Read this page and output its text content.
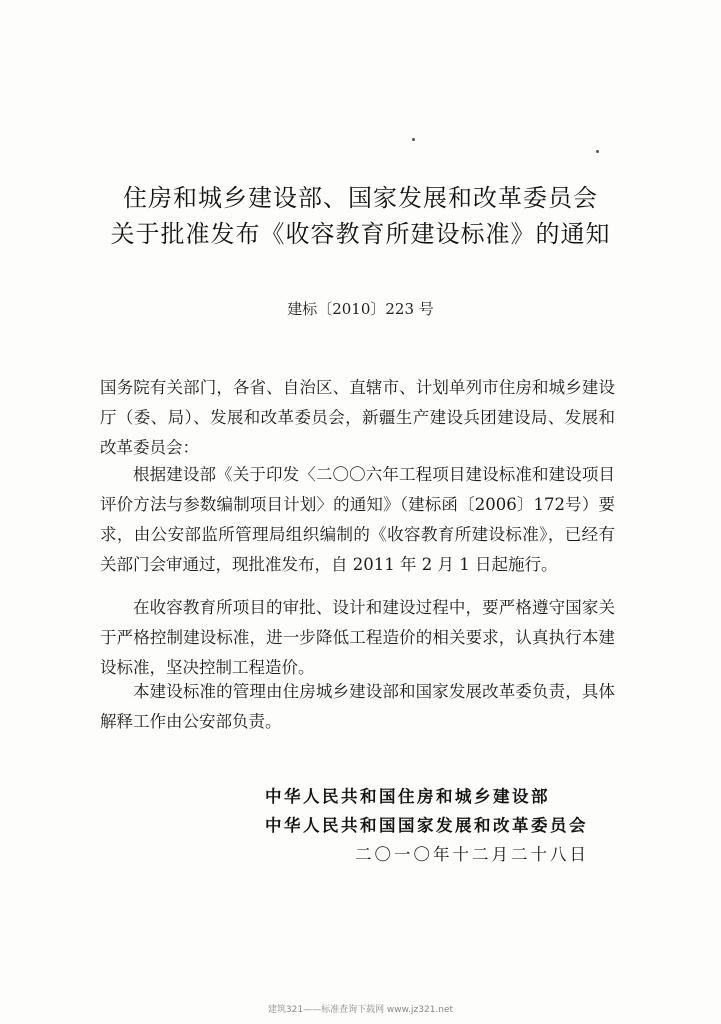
住房和城乡建设部、国家发展和改革委员会
关于批准发布《收容教育所建设标准》的通知
建标〔2010〕223 号

国务院有关部门，各省、自治区、直辖市、计划单列市住房和城乡建设厅（委、局）、发展和改革委员会，新疆生产建设兵团建设局、发展和改革委员会：

根据建设部《关于印发〈二〇〇六年工程项目建设标准和建设项目评价方法与参数编制项目计划〉的通知》（建标函〔2006〕172号）要求，由公安部监所管理局组织编制的《收容教育所建设标准》，已经有关部门会审通过，现批准发布，自 2011 年 2 月 1 日起施行。

在收容教育所项目的审批、设计和建设过程中，要严格遵守国家关于严格控制建设标准，进一步降低工程造价的相关要求，认真执行本建设标准，坚决控制工程造价。

本建设标准的管理由住房城乡建设部和国家发展改革委负责，具体解释工作由公安部负责。

中华人民共和国住房和城乡建设部
中华人民共和国国家发展和改革委员会
二〇一〇年十二月二十八日
建筑321——标准查询下载网 www.jz321.net
